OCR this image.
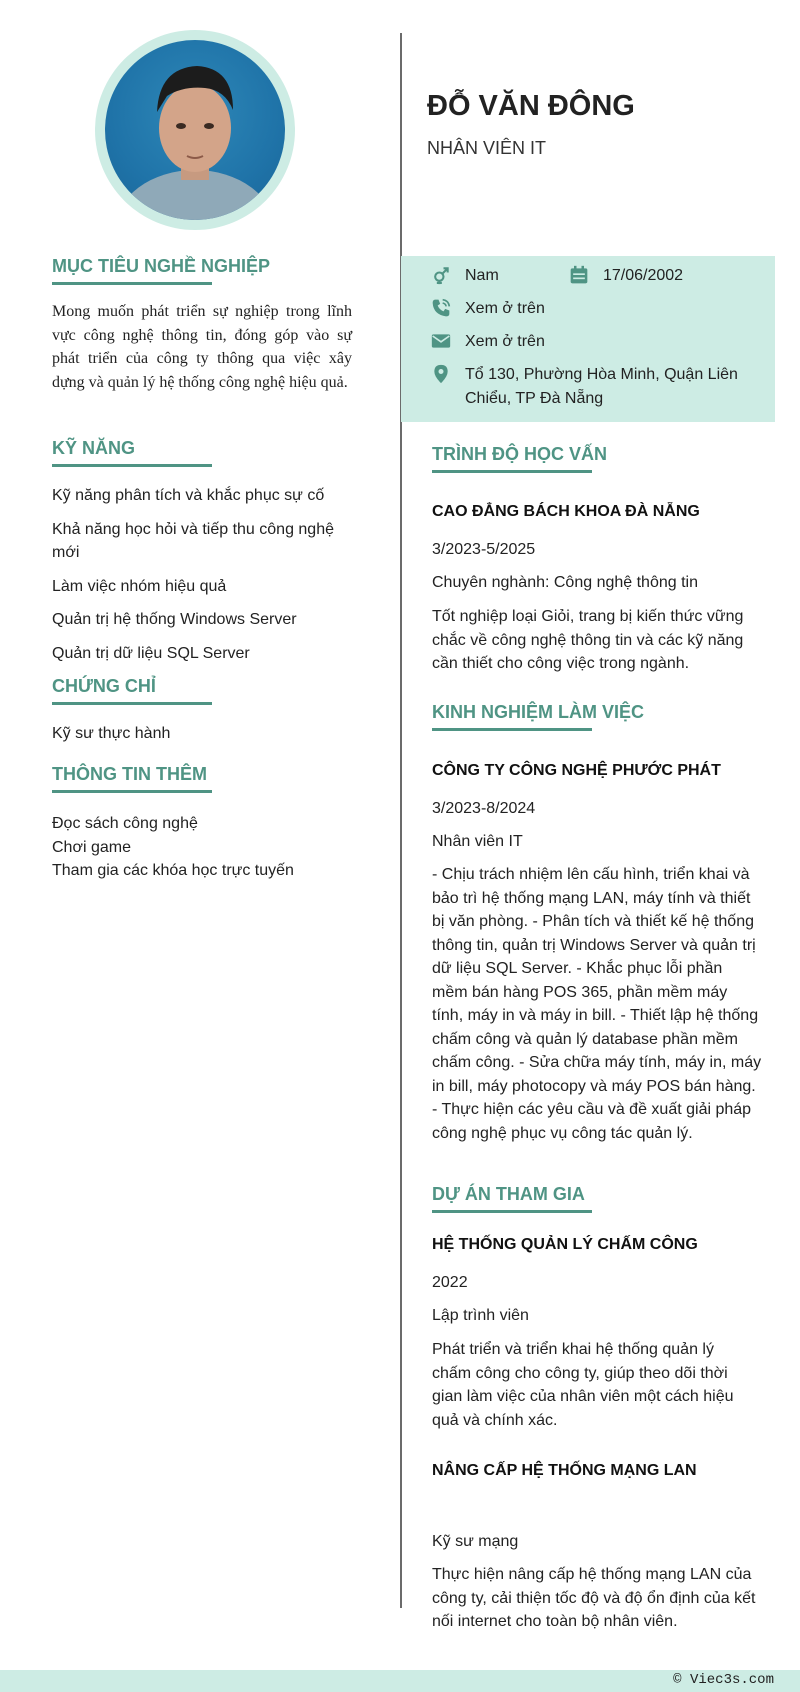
MỤC TIÊU NGHỀ NGHIỆP

Mong muốn phát triển sự nghiệp trong lĩnh vực công nghệ thông tin, đóng góp vào sự phát triển của công ty thông qua việc xây dựng và quản lý hệ thống công nghệ hiệu quả.

KỸ NĂNG

Kỹ năng phân tích và khắc phục sự cố

Khả năng học hỏi và tiếp thu công nghệ mới

Làm việc nhóm hiệu quả

Quản trị hệ thống Windows Server

Quản trị dữ liệu SQL Server

CHỨNG CHỈ

Kỹ sư thực hành

THÔNG TIN THÊM

Đọc sách công nghệ

Chơi game

Tham gia các khóa học trực tuyến

ĐỖ VĂN ĐÔNG

NHÂN VIÊN IT

Nam	17/06/2002
Xem ở trên
Xem ở trên
Tổ 130, Phường Hòa Minh, Quận Liên Chiểu, TP Đà Nẵng
TRÌNH ĐỘ HỌC VẤN

CAO ĐẲNG BÁCH KHOA ĐÀ NẴNG

3/2023-5/2025

Chuyên nghành: Công nghệ thông tin

Tốt nghiệp loại Giỏi, trang bị kiến thức vững chắc về công nghệ thông tin và các kỹ năng cần thiết cho công việc trong ngành.

KINH NGHIỆM LÀM VIỆC

CÔNG TY CÔNG NGHỆ PHƯỚC PHÁT

3/2023-8/2024

Nhân viên IT

- Chịu trách nhiệm lên cấu hình, triển khai và bảo trì hệ thống mạng LAN, máy tính và thiết bị văn phòng. - Phân tích và thiết kế hệ thống thông tin, quản trị Windows Server và quản trị dữ liệu SQL Server. - Khắc phục lỗi phần mềm bán hàng POS 365, phần mềm máy tính, máy in và máy in bill. - Thiết lập hệ thống chấm công và quản lý database phần mềm chấm công. - Sửa chữa máy tính, máy in, máy in bill, máy photocopy và máy POS bán hàng. - Thực hiện các yêu cầu và đề xuất giải pháp công nghệ phục vụ công tác quản lý.

DỰ ÁN THAM GIA

HỆ THỐNG QUẢN LÝ CHẤM CÔNG

2022

Lập trình viên

Phát triển và triển khai hệ thống quản lý chấm công cho công ty, giúp theo dõi thời gian làm việc của nhân viên một cách hiệu quả và chính xác.

NÂNG CẤP HỆ THỐNG MẠNG LAN

Kỹ sư mạng

Thực hiện nâng cấp hệ thống mạng LAN của công ty, cải thiện tốc độ và độ ổn định của kết nối internet cho toàn bộ nhân viên.

© Viec3s.com
